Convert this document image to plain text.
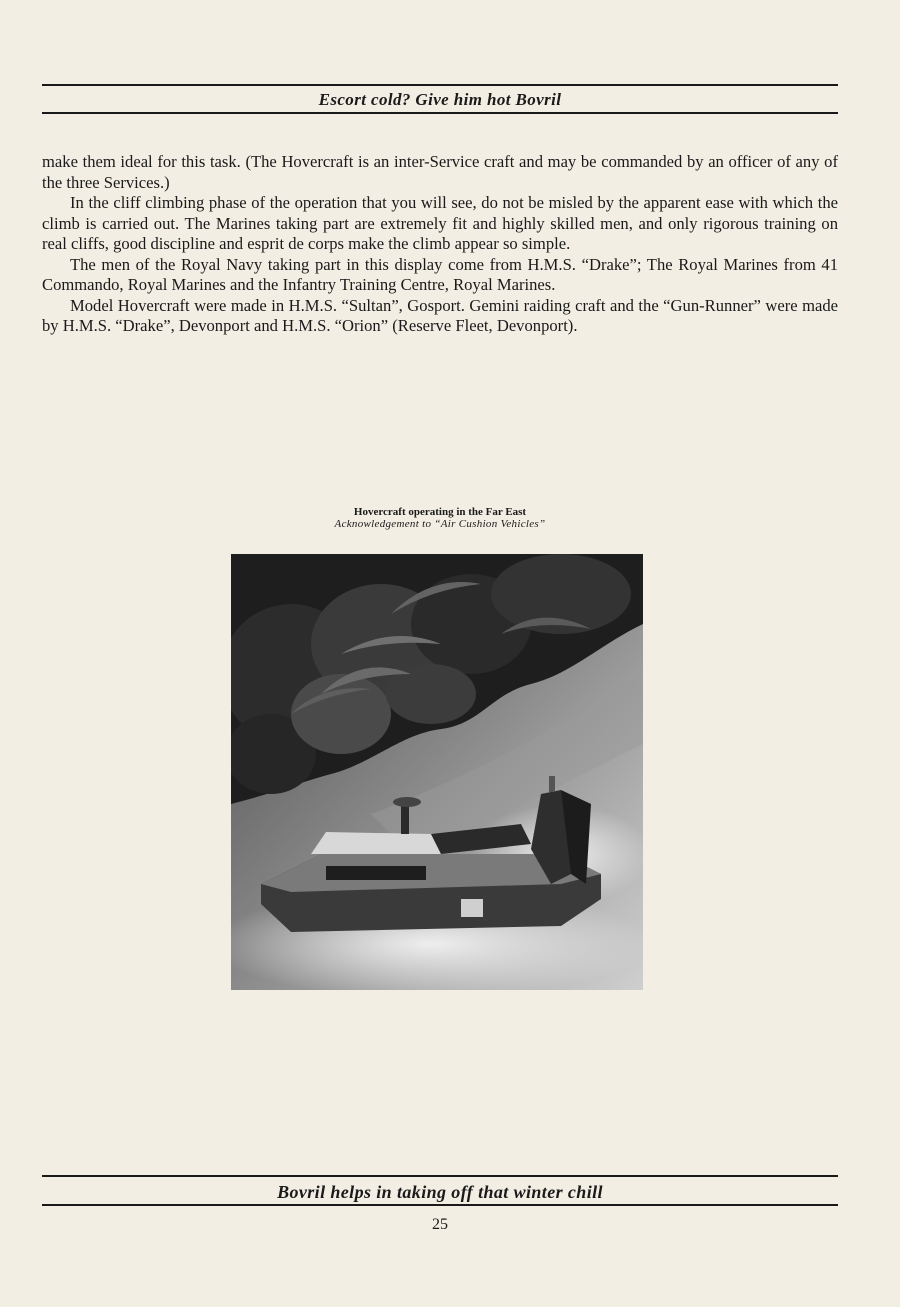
Escort cold? Give him hot Bovril

make them ideal for this task. (The Hovercraft is an inter-Service craft and may be commanded by an officer of any of the three Services.)

In the cliff climbing phase of the operation that you will see, do not be misled by the apparent ease with which the climb is carried out. The Marines taking part are extremely fit and highly skilled men, and only rigorous training on real cliffs, good discipline and esprit de corps make the climb appear so simple.

The men of the Royal Navy taking part in this display come from H.M.S. “Drake”; The Royal Marines from 41 Commando, Royal Marines and the Infantry Training Centre, Royal Marines.

Model Hovercraft were made in H.M.S. “Sultan”, Gosport. Gemini raiding craft and the “Gun-Runner” were made by H.M.S. “Drake”, Devonport and H.M.S. “Orion” (Reserve Fleet, Devonport).

Hovercraft operating in the Far East
Acknowledgement to “Air Cushion Vehicles”
Bovril helps in taking off that winter chill
25
